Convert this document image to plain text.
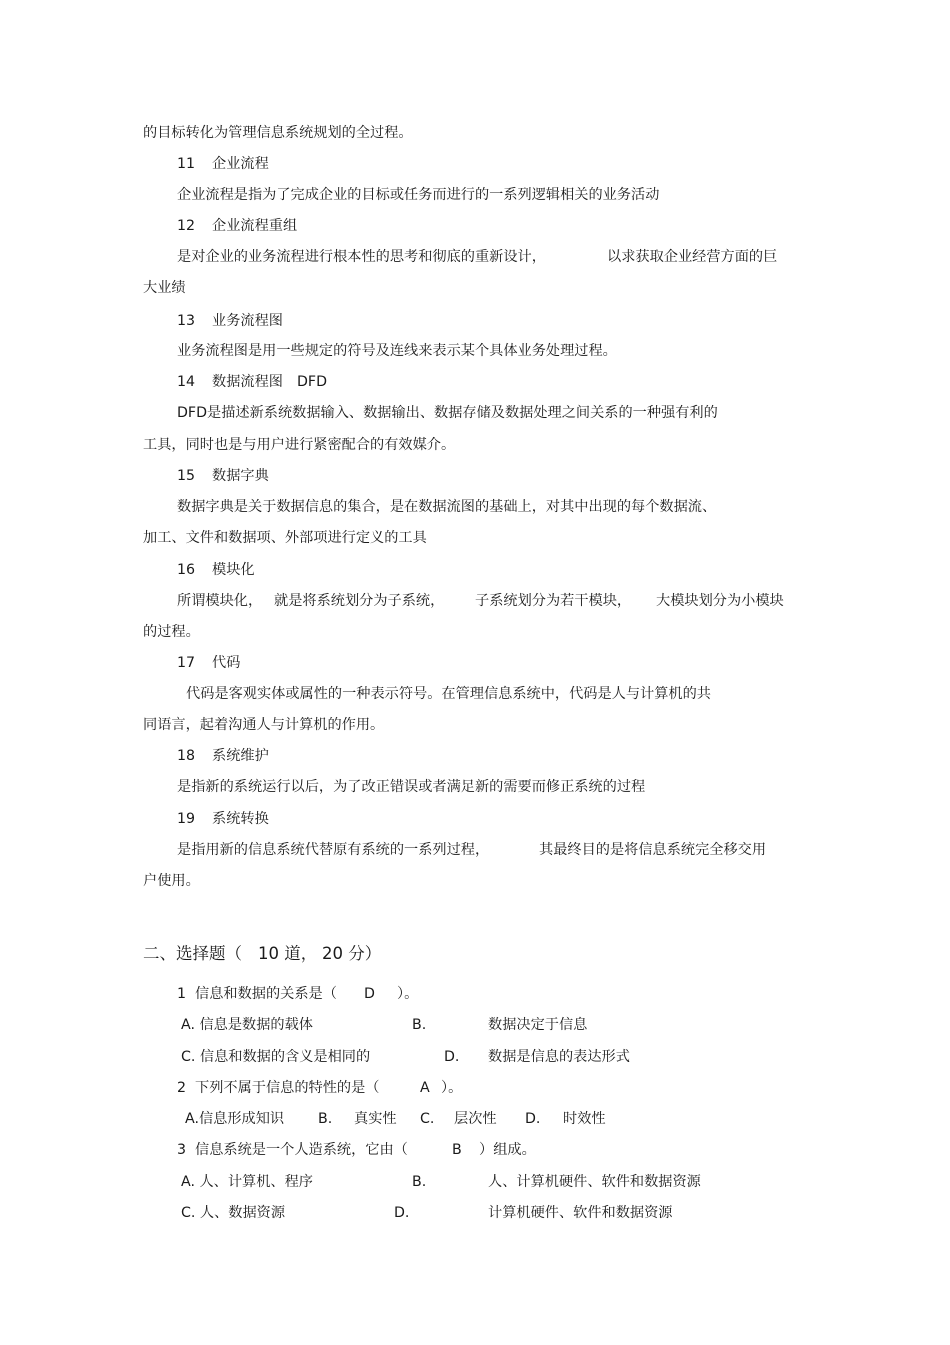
的目标转化为管理信息系统规划的全过程。
11 企业流程
企业流程是指为了完成企业的目标或任务而进行的一系列逻辑相关的业务活动
12 企业流程重组
是对企业的业务流程进行根本性的思考和彻底的重新设计，	以求获取企业经营方面的巨
大业绩
13 业务流程图
业务流程图是用一些规定的符号及连线来表示某个具体业务处理过程。
14 数据流程图 DFD
DFD是描述新系统数据输入、数据输出、数据存储及数据处理之间关系的一种强有利的
工具，同时也是与用户进行紧密配合的有效媒介。
15 数据字典
数据字典是关于数据信息的集合，是在数据流图的基础上，对其中出现的每个数据流、
加工、文件和数据项、外部项进行定义的工具
16 模块化
所谓模块化， 就是将系统划分为子系统， 子系统划分为若干模块， 大模块划分为小模块
的过程。
17 代码
代码是客观实体或属性的一种表示符号。在管理信息系统中，代码是人与计算机的共
同语言，起着沟通人与计算机的作用。
18 系统维护
是指新的系统运行以后，为了改正错误或者满足新的需要而修正系统的过程
19 系统转换
是指用新的信息系统代替原有系统的一系列过程，	其最终目的是将信息系统完全移交用
户使用。
二、选择题（ 10 道， 20 分）
1  信息和数据的关系是（ D ）。
A. 信息是数据的载体	B.	数据决定于信息
C. 信息和数据的含义是相同的	D. 数据是信息的表达形式
2  下列不属于信息的特性的是（	A ）。
A.信息形成知识 B. 真实性 C. 层次性 D. 时效性
3  信息系统是一个人造系统，它由（	B ）组成。
A. 人、计算机、程序	B.	人、计算机硬件、软件和数据资源
C. 人、数据资源	D.	计算机硬件、软件和数据资源
